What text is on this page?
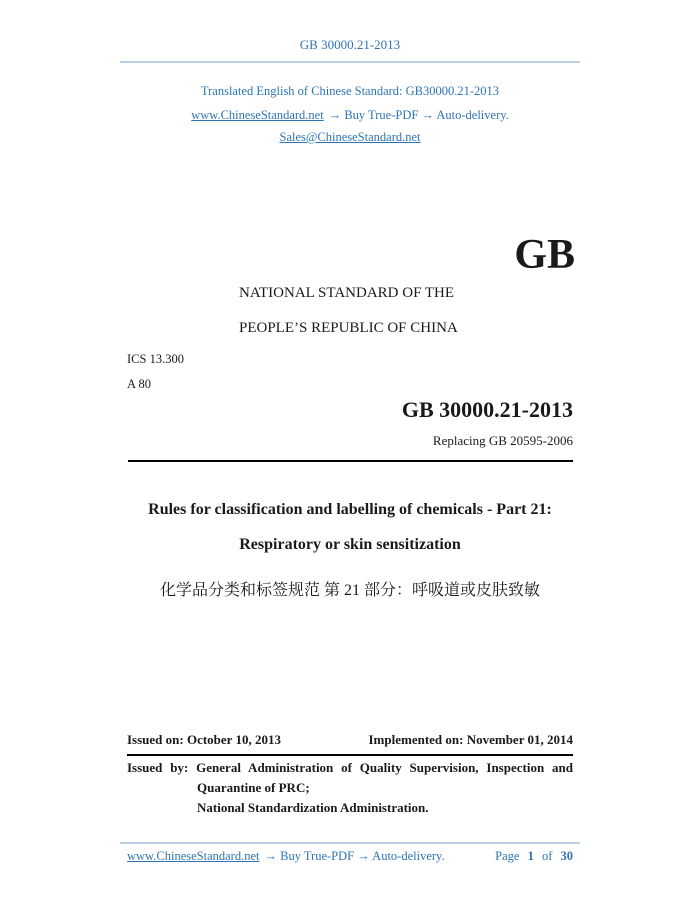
GB 30000.21-2013
Translated English of Chinese Standard: GB30000.21-2013
www.ChineseStandard.net → Buy True-PDF → Auto-delivery.
Sales@ChineseStandard.net
GB
NATIONAL STANDARD OF THE
PEOPLE’S REPUBLIC OF CHINA
ICS 13.300
A 80
GB 30000.21-2013
Replacing GB 20595-2006
Rules for classification and labelling of chemicals - Part 21:
Respiratory or skin sensitization
化学品分类和标签规范 第 21 部分：呼吸道或皮肤致敏
Issued on: October 10, 2013	Implemented on: November 01, 2014
Issued by: General Administration of Quality Supervision, Inspection and
Quarantine of PRC;
National Standardization Administration.
www.ChineseStandard.net → Buy True-PDF → Auto-delivery.	Page 1 of 30
